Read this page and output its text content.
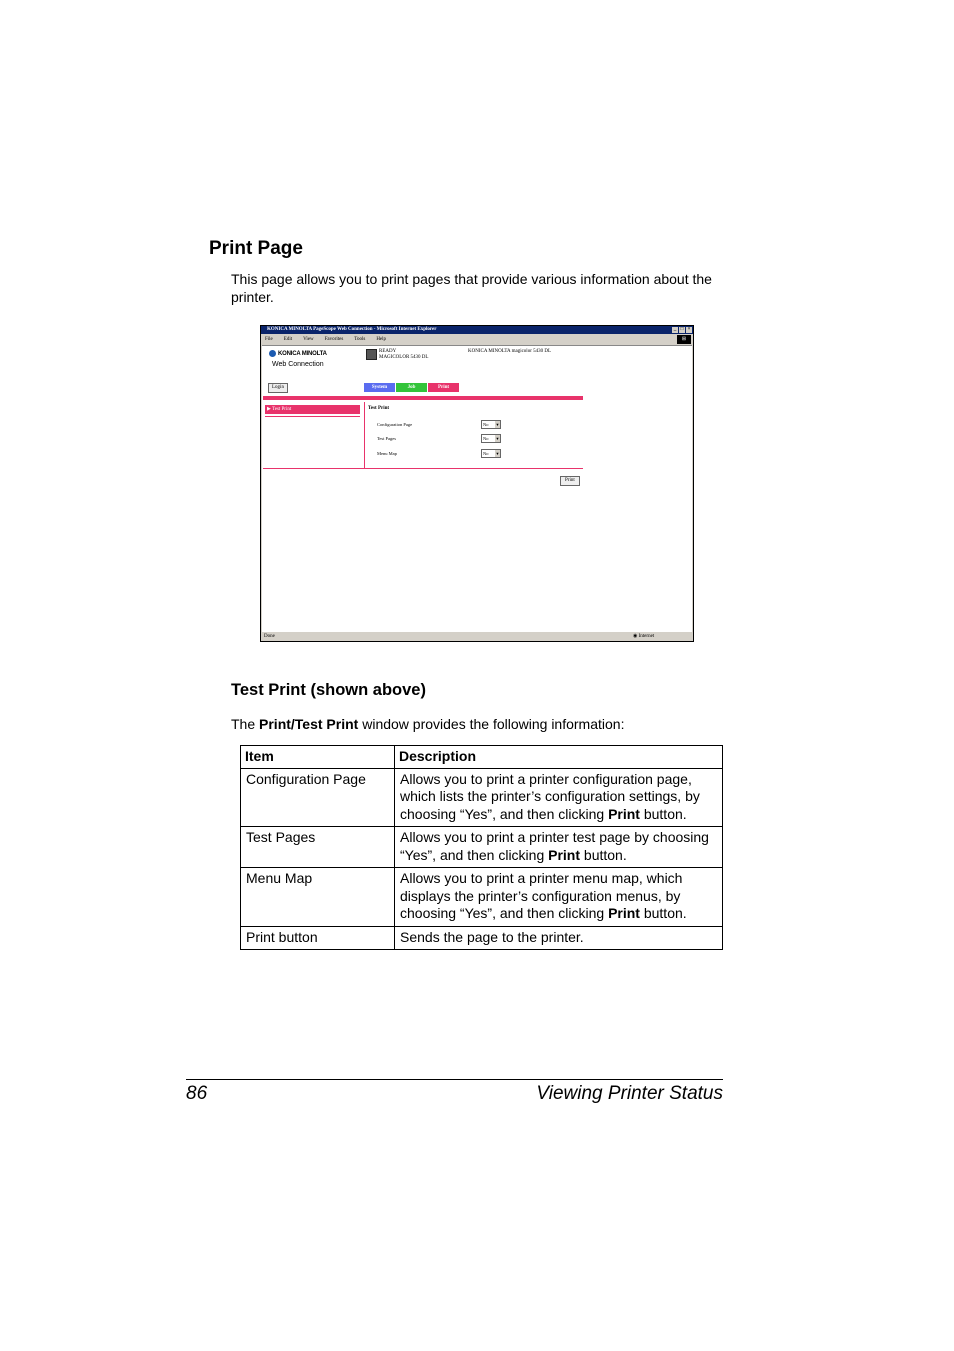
Print Page

This page allows you to print pages that provide various information about the printer.

KONICA MINOLTA PageScope Web Connection - Microsoft Internet Explorer	_ □ ×
File Edit View Favorites Tools Help	⊞
KONICA MINOLTA
Web Connection
READY
MAGICOLOR 5430 DL
KONICA MINOLTA magicolor 5430 DL
Login	System	Job	Print
▶ Test Print	Test Print
Configuration Page	No ▼
Test Pages	No ▼
Menu Map	No ▼
Print
Done	◉ Internet
Test Print (shown above)

The Print/Test Print window provides the following information:

Item	Description
Configuration Page	Allows you to print a printer configuration page, which lists the printer’s configuration settings, by choosing “Yes”, and then clicking Print button.
Test Pages	Allows you to print a printer test page by choosing “Yes”, and then clicking Print button.
Menu Map	Allows you to print a printer menu map, which displays the printer’s configuration menus, by choosing “Yes”, and then clicking Print button.
Print button	Sends the page to the printer.
86	Viewing Printer Status
